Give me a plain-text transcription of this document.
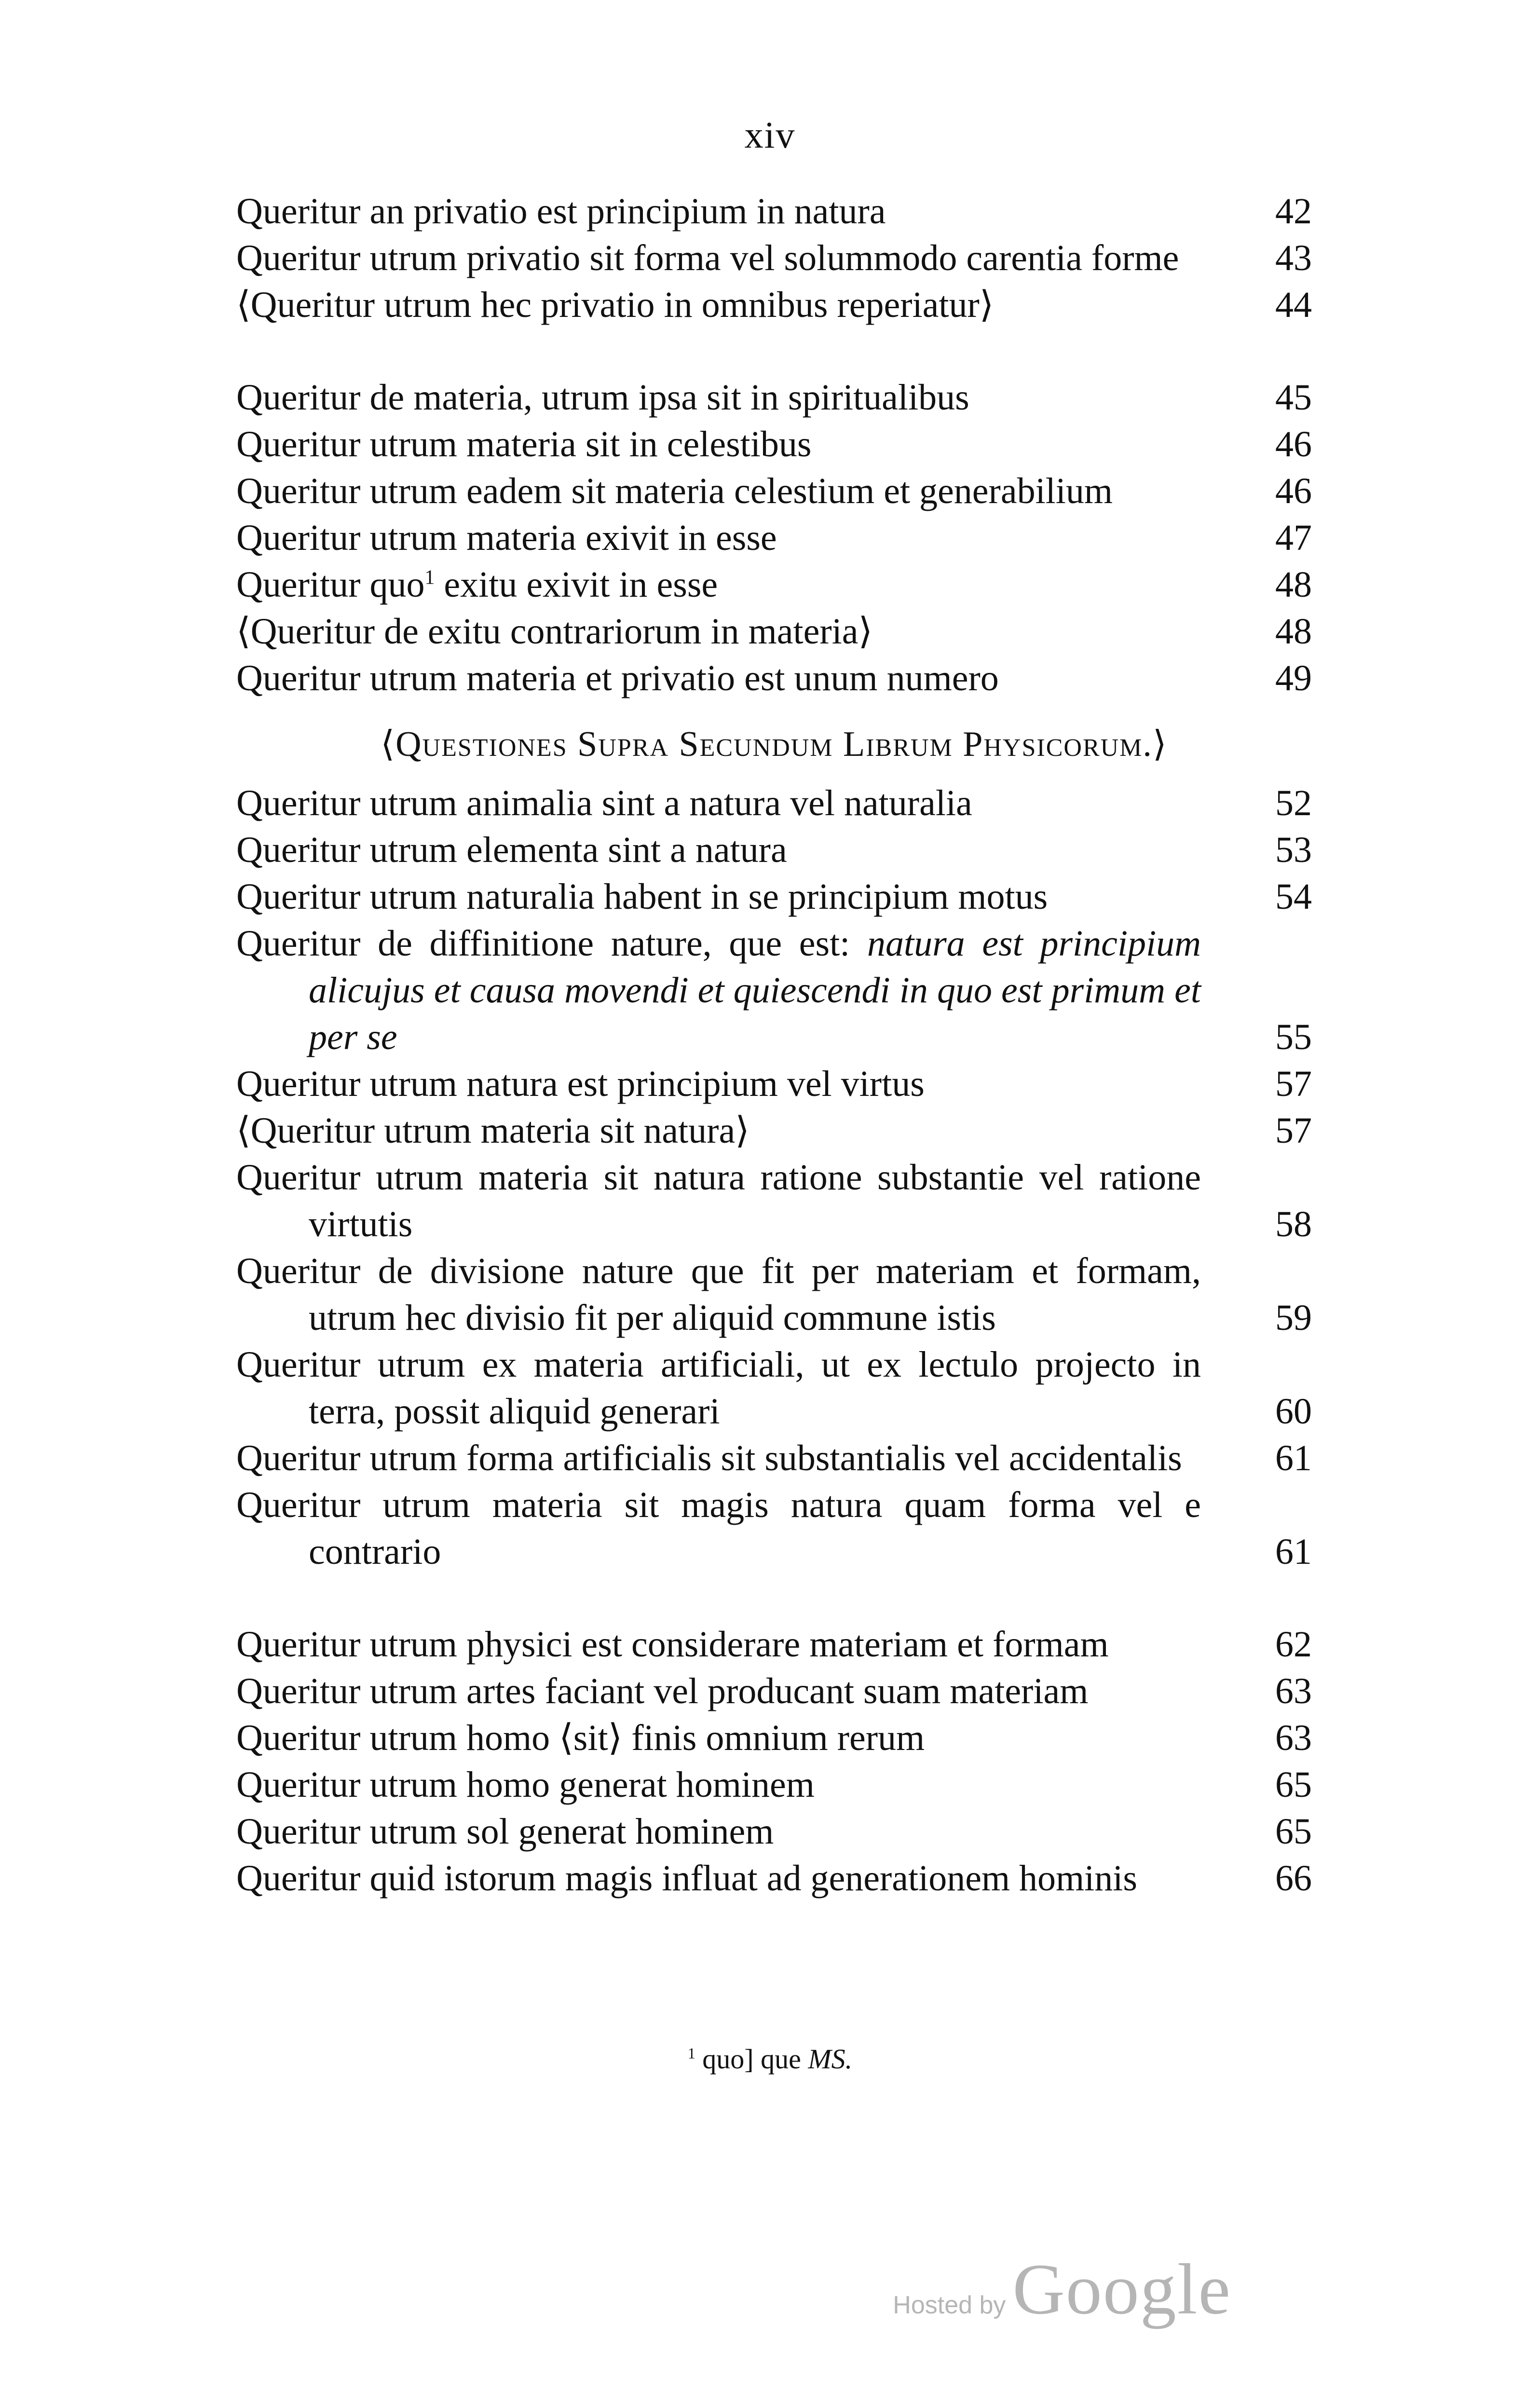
xiv
Queritur an privatio est principium in natura	42
Queritur utrum privatio sit forma vel solummodo carentia forme	43
⟨Queritur utrum hec privatio in omnibus reperiatur⟩	44
Queritur de materia, utrum ipsa sit in spiritualibus	45
Queritur utrum materia sit in celestibus	46
Queritur utrum eadem sit materia celestium et generabilium	46
Queritur utrum materia exivit in esse	47
Queritur quo$^1$ exitu exivit in esse	48
⟨Queritur de exitu contrariorum in materia⟩	48
Queritur utrum materia et privatio est unum numero	49
⟨Questiones Supra Secundum Librum Physicorum.⟩
Queritur utrum animalia sint a natura vel naturalia	52
Queritur utrum elementa sint a natura	53
Queritur utrum naturalia habent in se principium motus	54
Queritur de diffinitione nature, que est: natura est principium alicujus et causa movendi et quiescendi in quo est primum et per se	55
Queritur utrum natura est principium vel virtus	57
⟨Queritur utrum materia sit natura⟩	57
Queritur utrum materia sit natura ratione substantie vel ratione virtutis	58
Queritur de divisione nature que fit per materiam et formam, utrum hec divisio fit per aliquid commune istis	59
Queritur utrum ex materia artificiali, ut ex lectulo projecto in terra, possit aliquid generari	60
Queritur utrum forma artificialis sit substantialis vel accidentalis	61
Queritur utrum materia sit magis natura quam forma vel e contrario	61
Queritur utrum physici est considerare materiam et formam	62
Queritur utrum artes faciant vel producant suam materiam	63
Queritur utrum homo ⟨sit⟩ finis omnium rerum	63
Queritur utrum homo generat hominem	65
Queritur utrum sol generat hominem	65
Queritur quid istorum magis influat ad generationem hominis	66
$^1$ quo] que MS.
Hosted by Google
